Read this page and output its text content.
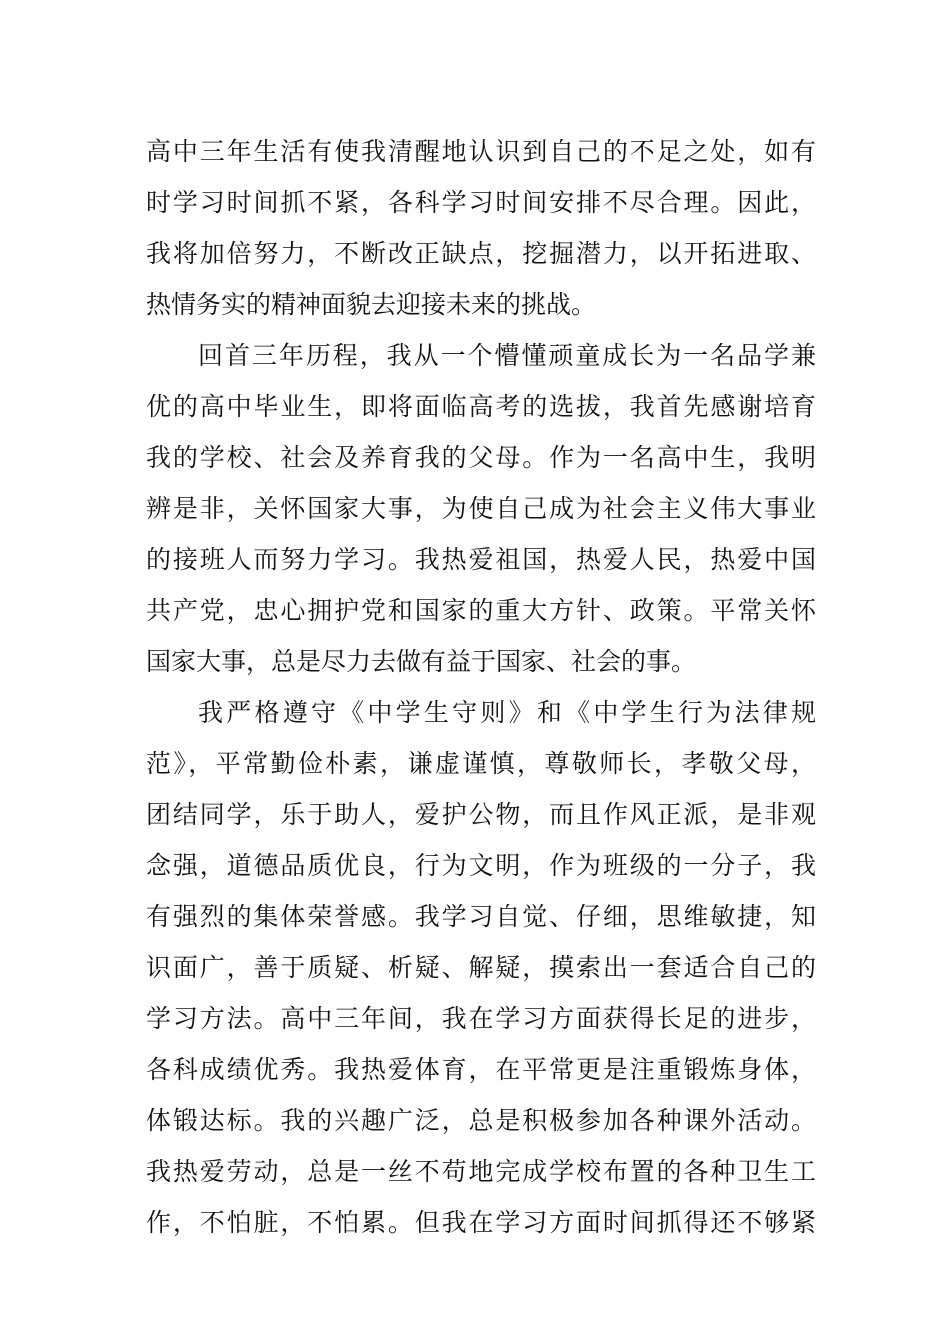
高中三年生活有使我清醒地认识到自己的不足之处，如有
时学习时间抓不紧，各科学习时间安排不尽合理。因此，
我将加倍努力，不断改正缺点，挖掘潜力，以开拓进取、
热情务实的精神面貌去迎接未来的挑战。
回首三年历程，我从一个懵懂顽童成长为一名品学兼
优的高中毕业生，即将面临高考的选拔，我首先感谢培育
我的学校、社会及养育我的父母。作为一名高中生，我明
辨是非，关怀国家大事，为使自己成为社会主义伟大事业
的接班人而努力学习。我热爱祖国，热爱人民，热爱中国
共产党，忠心拥护党和国家的重大方针、政策。平常关怀
国家大事，总是尽力去做有益于国家、社会的事。
我严格遵守《中学生守则》和《中学生行为法律规
范》，平常勤俭朴素，谦虚谨慎，尊敬师长，孝敬父母，
团结同学，乐于助人，爱护公物，而且作风正派，是非观
念强，道德品质优良，行为文明，作为班级的一分子，我
有强烈的集体荣誉感。我学习自觉、仔细，思维敏捷，知
识面广，善于质疑、析疑、解疑，摸索出一套适合自己的
学习方法。高中三年间，我在学习方面获得长足的进步，
各科成绩优秀。我热爱体育，在平常更是注重锻炼身体，
体锻达标。我的兴趣广泛，总是积极参加各种课外活动。
我热爱劳动，总是一丝不苟地完成学校布置的各种卫生工
作，不怕脏，不怕累。但我在学习方面时间抓得还不够紧
